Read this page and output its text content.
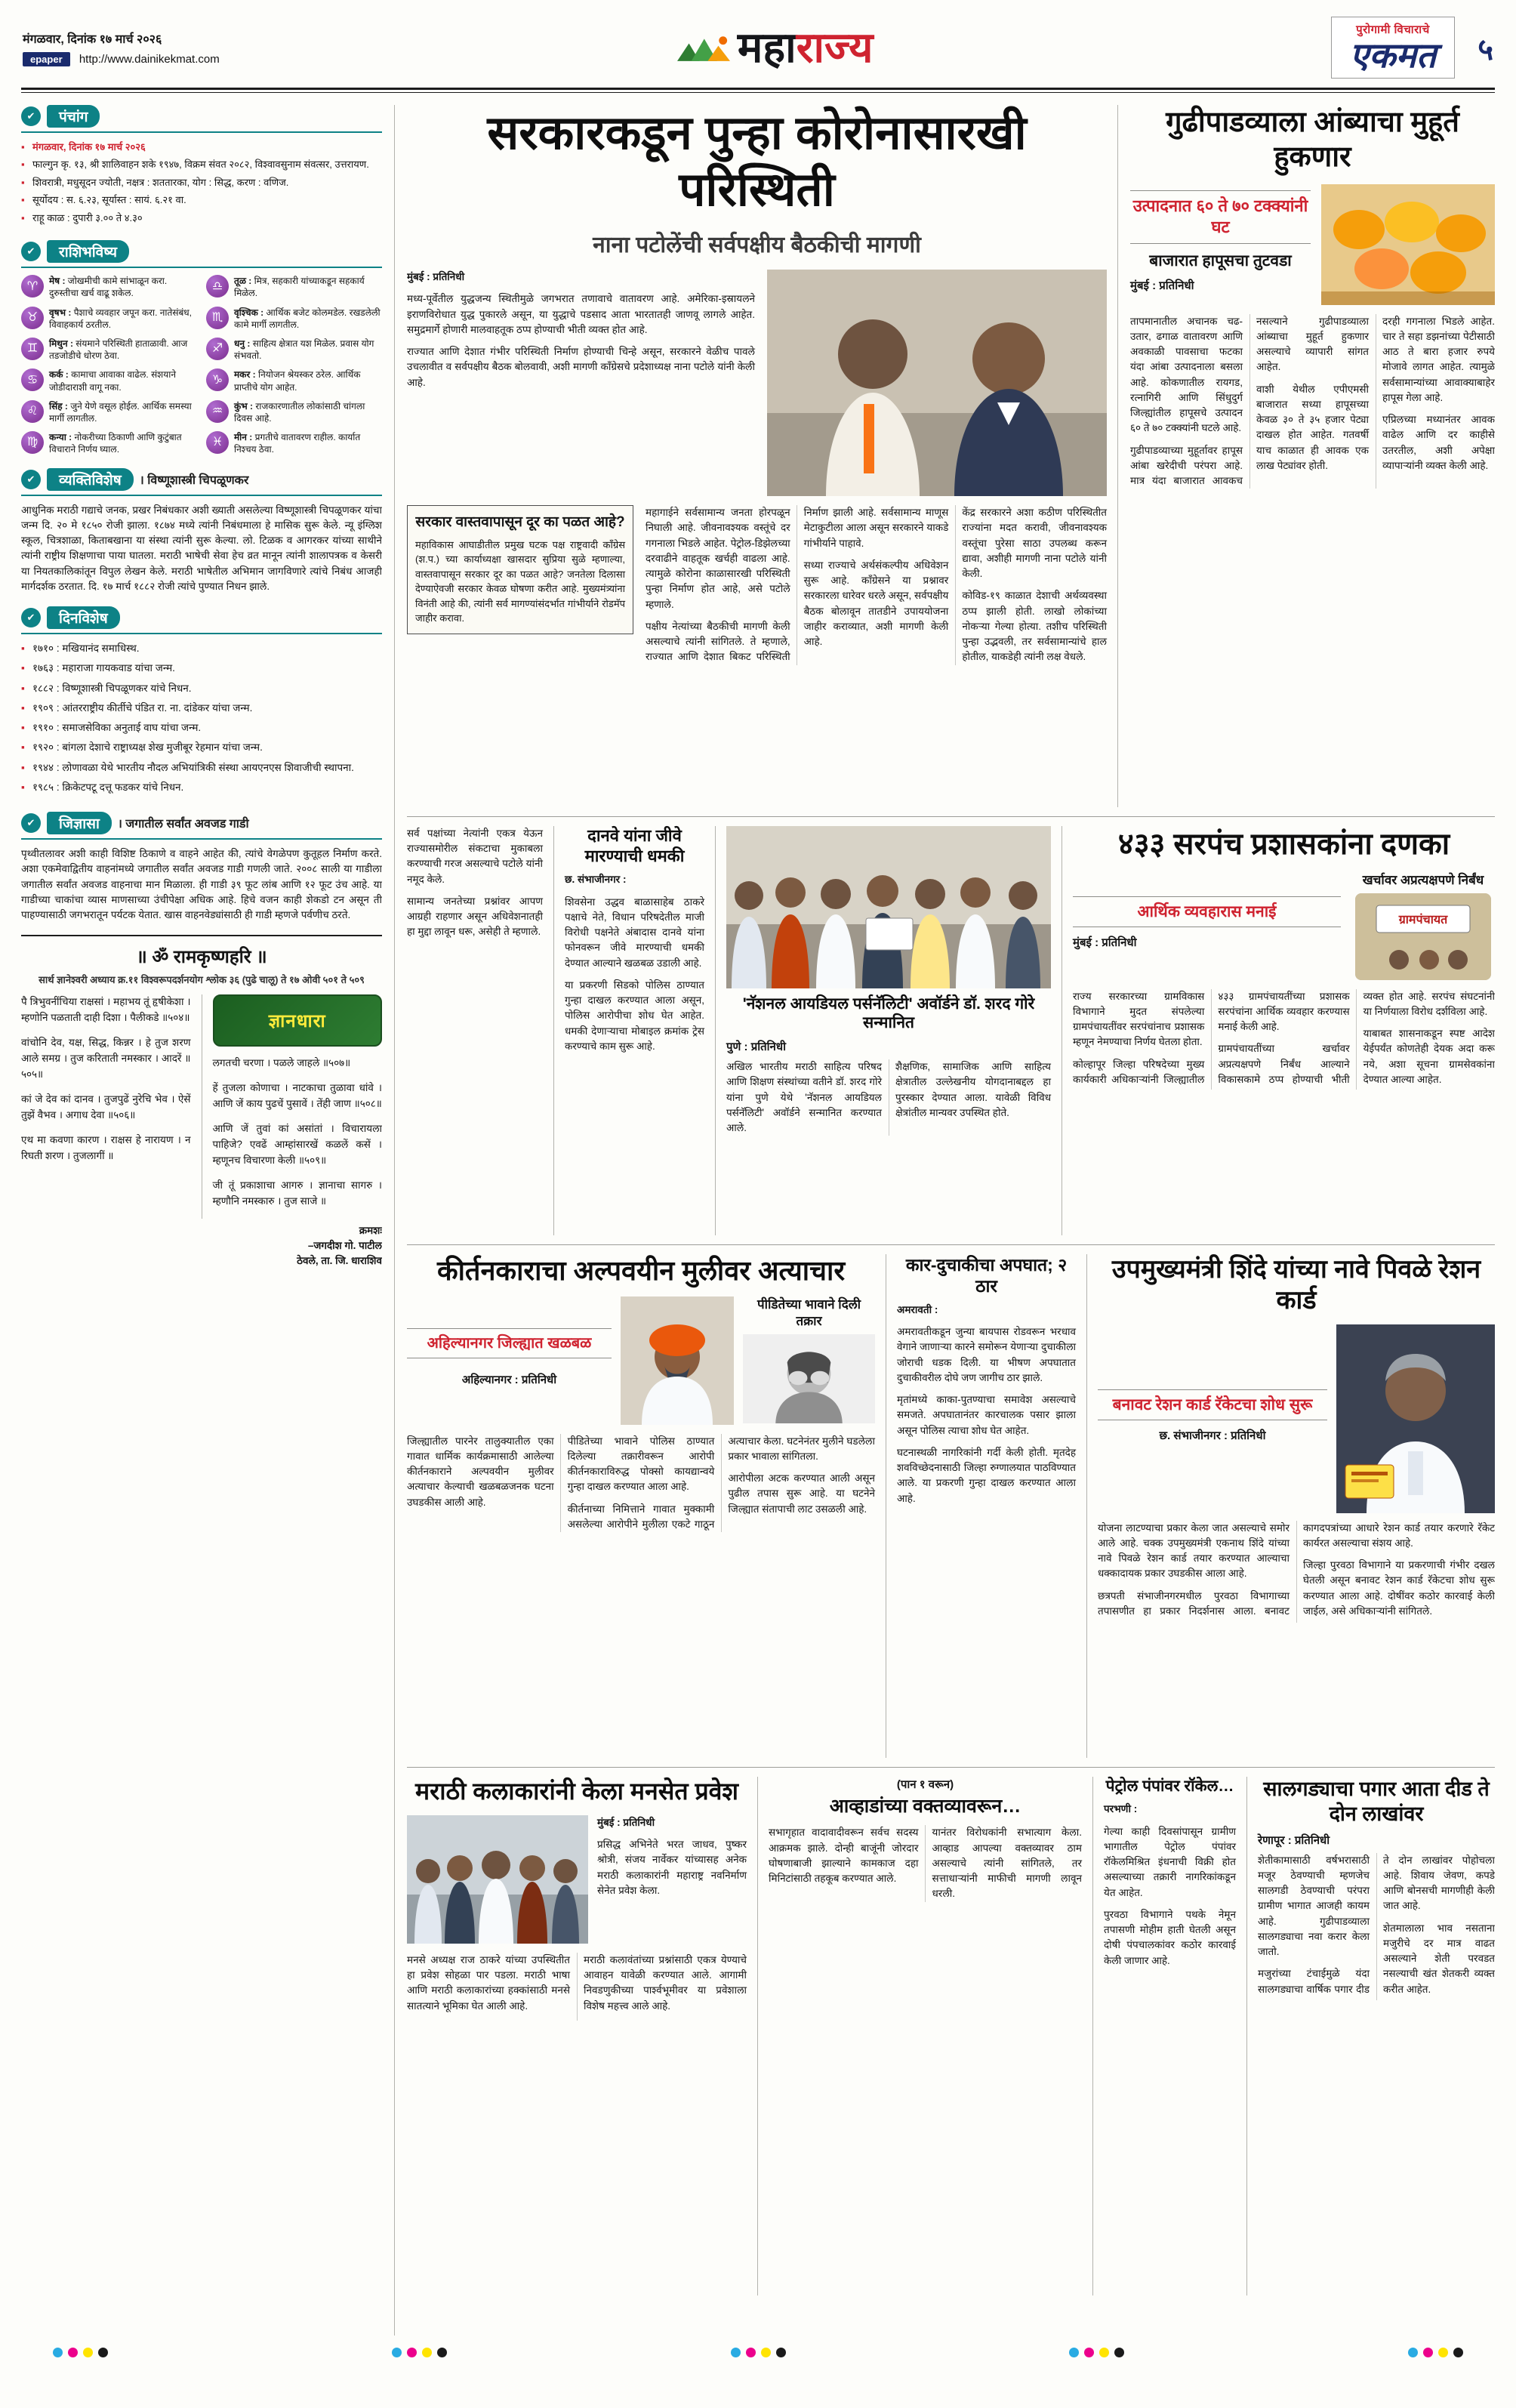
मंगळवार, दिनांक १७ मार्च २०२६
epaper http://www.dainikekmat.com	महाराज्य	पुरोगामी विचाराचे
एकमत ५
✔	पंचांग
▪ मंगळवार, दिनांक १७ मार्च २०२६
▪ फाल्गुन कृ. १३, श्री शालिवाहन शके १९४७, विक्रम संवत २०८२, विश्वावसुनाम संवत्सर, उत्तरायण.
▪ शिवरात्री, मधुसूदन ज्योती, नक्षत्र : शततारका, योग : सिद्ध, करण : वणिज.
▪ सूर्योदय : स. ६.२३, सूर्यास्त : सायं. ६.२१ वा.
▪ राहू काळ : दुपारी ३.०० ते ४.३०
✔	राशिभविष्य
♈	मेष : जोखमीची कामे सांभाळून करा. दुरुस्तीचा खर्च वाढू शकेल.
♎	तूळ : मित्र, सहकारी यांच्याकडून सहकार्य मिळेल.
♉	वृषभ : पैशाचे व्यवहार जपून करा. नातेसंबंध, विवाहकार्य ठरतील.
♏	वृश्चिक : आर्थिक बजेट कोलमडेल. रखडलेली कामे मार्गी लागतील.
♊	मिथुन : संयमाने परिस्थिती हाताळावी. आज तडजोडीचे धोरण ठेवा.
♐	धनु : साहित्य क्षेत्रात यश मिळेल. प्रवास योग संभवतो.
♋	कर्क : कामाचा आवाका वाढेल. संशयाने जोडीदाराशी वागू नका.
♑	मकर : नियोजन श्रेयस्कर ठरेल. आर्थिक प्राप्तीचे योग आहेत.
♌	सिंह : जुने येणे वसूल होईल. आर्थिक समस्या मार्गी लागतील.
♒	कुंभ : राजकारणातील लोकांसाठी चांगला दिवस आहे.
♍	कन्या : नोकरीच्या ठिकाणी आणि कुटुंबात विचाराने निर्णय घ्याल.
♓	मीन : प्रगतीचे वातावरण राहील. कार्यात निश्चय ठेवा.
✔	व्यक्तिविशेष	। विष्णूशास्त्री चिपळूणकर

आधुनिक मराठी गद्याचे जनक, प्रखर निबंधकार अशी ख्याती असलेल्या विष्णूशास्त्री चिपळूणकर यांचा जन्म दि. २० मे १८५० रोजी झाला. १८७४ मध्ये त्यांनी निबंधमाला हे मासिक सुरू केले. न्यू इंग्लिश स्कूल, चित्रशाळा, किताबखाना या संस्था त्यांनी सुरू केल्या. लो. टिळक व आगरकर यांच्या साथीने त्यांनी राष्ट्रीय शिक्षणाचा पाया घातला. मराठी भाषेची सेवा हेच व्रत मानून त्यांनी शालापत्रक व केसरी या नियतकालिकांतून विपुल लेखन केले. मराठी भाषेतील अभिमान जागविणारे त्यांचे निबंध आजही मार्गदर्शक ठरतात. दि. १७ मार्च १८८२ रोजी त्यांचे पुण्यात निधन झाले.

✔	दिनविशेष
▪ १७१० : मखियानंद समाधिस्थ.
▪ १७६३ : महाराजा गायकवाड यांचा जन्म.
▪ १८८२ : विष्णूशास्त्री चिपळूणकर यांचे निधन.
▪ १९०९ : आंतरराष्ट्रीय कीर्तीचे पंडित रा. ना. दांडेकर यांचा जन्म.
▪ १९१० : समाजसेविका अनुताई वाघ यांचा जन्म.
▪ १९२० : बांगला देशाचे राष्ट्राध्यक्ष शेख मुजीबूर रेहमान यांचा जन्म.
▪ १९४४ : लोणावळा येथे भारतीय नौदल अभियांत्रिकी संस्था आयएनएस शिवाजीची स्थापना.
▪ १९८५ : क्रिकेटपटू दत्तू फडकर यांचे निधन.
✔	जिज्ञासा	। जगातील सर्वांत अवजड गाडी

पृथ्वीतलावर अशी काही विशिष्ट ठिकाणे व वाहने आहेत की, त्यांचे वेगळेपण कुतूहल निर्माण करते. अशा एकमेवाद्वितीय वाहनांमध्ये जगातील सर्वांत अवजड गाडी गणली जाते. २००८ साली या गाडीला जगातील सर्वांत अवजड वाहनाचा मान मिळाला. ही गाडी ३९ फूट लांब आणि १२ फूट उंच आहे. या गाडीच्या चाकांचा व्यास माणसाच्या उंचीपेक्षा अधिक आहे. हिचे वजन काही शेकडो टन असून ती पाहण्यासाठी जगभरातून पर्यटक येतात. खास वाहनवेड्यांसाठी ही गाडी म्हणजे पर्वणीच ठरते.

॥ ॐ रामकृष्णहरि ॥
सार्थ ज्ञानेश्वरी अध्याय क्र.११ विश्वरूपदर्शनयोग श्लोक ३६ (पुढे चालू) ते १७ ओवी ५०१ ते ५०९

पै त्रिभुवनींचिया राक्षसां । महाभय तूं हृषीकेशा । म्हणोनि पळताती दाही दिशा । पैलीकडे ॥५०४॥

वांचोनि देव, यक्ष, सिद्ध, किन्नर । हे तुज शरण आले समग्र । तुज करिताती नमस्कार । आदरें ॥५०५॥

कां जे देव कां दानव । तुजपुढें नुरेचि भेव । ऐसें तुझें वैभव । अगाध देवा ॥५०६॥

एथ मा कवणा कारण । राक्षस हे नारायण । न रिघती शरण । तुजलागीं ॥

ज्ञानधारा

लगतची चरणा । पळले जाहले ॥५०७॥

हें तुजला कोणाचा । नाटकाचा तुळावा धांवे । आणि जें काय पुढचें पुसावें । तेंही जाण ॥५०८॥

आणि जें तुवां कां असांतां । विचारायला पाहिजे? एवढें आम्हांसारखें कळलें कसें । म्हणूनच विचारणा केली ॥५०९॥

जी तूं प्रकाशाचा आगरु । ज्ञानाचा सागरु । म्हणौनि नमस्कारु । तुज साजे ॥

क्रमशः
–जगदीश गो. पाटील
ठेवले, ता. जि. धाराशिव
सरकारकडून पुन्हा कोरोनासारखी परिस्थिती
नाना पटोलेंची सर्वपक्षीय बैठकीची मागणी

मुंबई : प्रतिनिधी

मध्य-पूर्वेतील युद्धजन्य स्थितीमुळे जगभरात तणावाचे वातावरण आहे. अमेरिका-इस्रायलने इराणविरोधात युद्ध पुकारले असून, या युद्धाचे पडसाद आता भारतातही जाणवू लागले आहेत. समुद्रमार्गे होणारी मालवाहतूक ठप्प होण्याची भीती व्यक्त होत आहे.

राज्यात आणि देशात गंभीर परिस्थिती निर्माण होण्याची चिन्हे असून, सरकारने वेळीच पावले उचलावीत व सर्वपक्षीय बैठक बोलवावी, अशी मागणी काँग्रेसचे प्रदेशाध्यक्ष नाना पटोले यांनी केली आहे.

सरकार वास्तवापासून दूर का पळत आहे?

महाविकास आघाडीतील प्रमुख घटक पक्ष राष्ट्रवादी काँग्रेस (श.प.) च्या कार्याध्यक्षा खासदार सुप्रिया सुळे म्हणाल्या, वास्तवापासून सरकार दूर का पळत आहे? जनतेला दिलासा देण्याऐवजी सरकार केवळ घोषणा करीत आहे. मुख्यमंत्र्यांना विनंती आहे की, त्यांनी सर्व मागण्यांसंदर्भात गांभीर्याने रोडमॅप जाहीर करावा.

महागाईने सर्वसामान्य जनता होरपळून निघाली आहे. जीवनावश्यक वस्तूंचे दर गगनाला भिडले आहेत. पेट्रोल-डिझेलच्या दरवाढीने वाहतूक खर्चही वाढला आहे. त्यामुळे कोरोना काळासारखी परिस्थिती पुन्हा निर्माण होत आहे, असे पटोले म्हणाले.

पक्षीय नेत्यांच्या बैठकीची मागणी केली असल्याचे त्यांनी सांगितले. ते म्हणाले, राज्यात आणि देशात बिकट परिस्थिती निर्माण झाली आहे. सर्वसामान्य माणूस मेटाकुटीला आला असून सरकारने याकडे गांभीर्याने पाहावे.

सध्या राज्याचे अर्थसंकल्पीय अधिवेशन सुरू आहे. काँग्रेसने या प्रश्नावर सरकारला धारेवर धरले असून, सर्वपक्षीय बैठक बोलावून तातडीने उपाययोजना जाहीर कराव्यात, अशी मागणी केली आहे.

केंद्र सरकारने अशा कठीण परिस्थितीत राज्यांना मदत करावी, जीवनावश्यक वस्तूंचा पुरेसा साठा उपलब्ध करून द्यावा, अशीही मागणी नाना पटोले यांनी केली.

कोविड-१९ काळात देशाची अर्थव्यवस्था ठप्प झाली होती. लाखो लोकांच्या नोकऱ्या गेल्या होत्या. तशीच परिस्थिती पुन्हा उद्भवली, तर सर्वसामान्यांचे हाल होतील, याकडेही त्यांनी लक्ष वेधले.

गुढीपाडव्याला आंब्याचा मुहूर्त हुकणार
उत्पादनात ६० ते ७० टक्क्यांनी घट
बाजारात हापूसचा तुटवडा

मुंबई : प्रतिनिधी

तापमानातील अचानक चढ-उतार, ढगाळ वातावरण आणि अवकाळी पावसाचा फटका यंदा आंबा उत्पादनाला बसला आहे. कोकणातील रायगड, रत्नागिरी आणि सिंधुदुर्ग जिल्ह्यांतील हापूसचे उत्पादन ६० ते ७० टक्क्यांनी घटले आहे.

गुढीपाडव्याच्या मुहूर्तावर हापूस आंबा खरेदीची परंपरा आहे. मात्र यंदा बाजारात आवकच नसल्याने गुढीपाडव्याला आंब्याचा मुहूर्त हुकणार असल्याचे व्यापारी सांगत आहेत.

वाशी येथील एपीएमसी बाजारात सध्या हापूसच्या केवळ ३० ते ३५ हजार पेट्या दाखल होत आहेत. गतवर्षी याच काळात ही आवक एक लाख पेट्यांवर होती.

दरही गगनाला भिडले आहेत. चार ते सहा डझनांच्या पेटीसाठी आठ ते बारा हजार रुपये मोजावे लागत आहेत. त्यामुळे सर्वसामान्यांच्या आवाक्याबाहेर हापूस गेला आहे.

एप्रिलच्या मध्यानंतर आवक वाढेल आणि दर काहीसे उतरतील, अशी अपेक्षा व्यापाऱ्यांनी व्यक्त केली आहे.

सर्व पक्षांच्या नेत्यांनी एकत्र येऊन राज्यासमोरील संकटाचा मुकाबला करण्याची गरज असल्याचे पटोले यांनी नमूद केले.

सामान्य जनतेच्या प्रश्नांवर आपण आग्रही राहणार असून अधिवेशनातही हा मुद्दा लावून धरू, असेही ते म्हणाले.

दानवे यांना जीवे मारण्याची धमकी

छ. संभाजीनगर :

शिवसेना उद्धव बाळासाहेब ठाकरे पक्षाचे नेते, विधान परिषदेतील माजी विरोधी पक्षनेते अंबादास दानवे यांना फोनवरून जीवे मारण्याची धमकी देण्यात आल्याने खळबळ उडाली आहे.

या प्रकरणी सिडको पोलिस ठाण्यात गुन्हा दाखल करण्यात आला असून, पोलिस आरोपीचा शोध घेत आहेत. धमकी देणाऱ्याचा मोबाइल क्रमांक ट्रेस करण्याचे काम सुरू आहे.

'नॅशनल आयडियल पर्सनॅलिटी' अवॉर्डने डॉ. शरद गोरे सन्मानित

पुणे : प्रतिनिधी

अखिल भारतीय मराठी साहित्य परिषद आणि शिक्षण संस्थांच्या वतीने डॉ. शरद गोरे यांना पुणे येथे 'नॅशनल आयडियल पर्सनॅलिटी' अवॉर्डने सन्मानित करण्यात आले.

शैक्षणिक, सामाजिक आणि साहित्य क्षेत्रातील उल्लेखनीय योगदानाबद्दल हा पुरस्कार देण्यात आला. यावेळी विविध क्षेत्रांतील मान्यवर उपस्थित होते.

४३३ सरपंच प्रशासकांना दणका
आर्थिक व्यवहारास मनाई

मुंबई : प्रतिनिधी

खर्चावर अप्रत्यक्षपणे निर्बंध
ग्रामपंचायत

राज्य सरकारच्या ग्रामविकास विभागाने मुदत संपलेल्या ग्रामपंचायतींवर सरपंचांनाच प्रशासक म्हणून नेमण्याचा निर्णय घेतला होता.

कोल्हापूर जिल्हा परिषदेच्या मुख्य कार्यकारी अधिकाऱ्यांनी जिल्ह्यातील ४३३ ग्रामपंचायतींच्या प्रशासक सरपंचांना आर्थिक व्यवहार करण्यास मनाई केली आहे.

ग्रामपंचायतींच्या खर्चावर अप्रत्यक्षपणे निर्बंध आल्याने विकासकामे ठप्प होण्याची भीती व्यक्त होत आहे. सरपंच संघटनांनी या निर्णयाला विरोध दर्शविला आहे.

याबाबत शासनाकडून स्पष्ट आदेश येईपर्यंत कोणतेही देयक अदा करू नये, अशा सूचना ग्रामसेवकांना देण्यात आल्या आहेत.

कीर्तनकाराचा अल्पवयीन मुलीवर अत्याचार
अहिल्यानगर जिल्ह्यात खळबळ

अहिल्यानगर : प्रतिनिधी

पीडितेच्या भावाने दिली तक्रार

जिल्ह्यातील पारनेर तालुक्यातील एका गावात धार्मिक कार्यक्रमासाठी आलेल्या कीर्तनकाराने अल्पवयीन मुलीवर अत्याचार केल्याची खळबळजनक घटना उघडकीस आली आहे.

पीडितेच्या भावाने पोलिस ठाण्यात दिलेल्या तक्रारीवरून आरोपी कीर्तनकाराविरुद्ध पोक्सो कायद्यान्वये गुन्हा दाखल करण्यात आला आहे.

कीर्तनाच्या निमित्ताने गावात मुक्कामी असलेल्या आरोपीने मुलीला एकटे गाठून अत्याचार केला. घटनेनंतर मुलीने घडलेला प्रकार भावाला सांगितला.

आरोपीला अटक करण्यात आली असून पुढील तपास सुरू आहे. या घटनेने जिल्ह्यात संतापाची लाट उसळली आहे.

कार-दुचाकीचा अपघात; २ ठार

अमरावती :

अमरावतीकडून जुन्या बायपास रोडवरून भरधाव वेगाने जाणाऱ्या कारने समोरून येणाऱ्या दुचाकीला जोराची धडक दिली. या भीषण अपघातात दुचाकीवरील दोघे जण जागीच ठार झाले.

मृतांमध्ये काका-पुतण्याचा समावेश असल्याचे समजते. अपघातानंतर कारचालक पसार झाला असून पोलिस त्याचा शोध घेत आहेत.

घटनास्थळी नागरिकांनी गर्दी केली होती. मृतदेह शवविच्छेदनासाठी जिल्हा रुग्णालयात पाठविण्यात आले. या प्रकरणी गुन्हा दाखल करण्यात आला आहे.

उपमुख्यमंत्री शिंदे यांच्या नावे पिवळे रेशन कार्ड
बनावट रेशन कार्ड रॅकेटचा शोध सुरू

छ. संभाजीनगर : प्रतिनिधी

योजना लाटण्याचा प्रकार केला जात असल्याचे समोर आले आहे. चक्क उपमुख्यमंत्री एकनाथ शिंदे यांच्या नावे पिवळे रेशन कार्ड तयार करण्यात आल्याचा धक्कादायक प्रकार उघडकीस आला आहे.

छत्रपती संभाजीनगरमधील पुरवठा विभागाच्या तपासणीत हा प्रकार निदर्शनास आला. बनावट कागदपत्रांच्या आधारे रेशन कार्ड तयार करणारे रॅकेट कार्यरत असल्याचा संशय आहे.

जिल्हा पुरवठा विभागाने या प्रकरणाची गंभीर दखल घेतली असून बनावट रेशन कार्ड रॅकेटचा शोध सुरू करण्यात आला आहे. दोषींवर कठोर कारवाई केली जाईल, असे अधिकाऱ्यांनी सांगितले.

मराठी कलाकारांनी केला मनसेत प्रवेश

मुंबई : प्रतिनिधी

प्रसिद्ध अभिनेते भरत जाधव, पुष्कर श्रोत्री, संजय नार्वेकर यांच्यासह अनेक मराठी कलाकारांनी महाराष्ट्र नवनिर्माण सेनेत प्रवेश केला.

मनसे अध्यक्ष राज ठाकरे यांच्या उपस्थितीत हा प्रवेश सोहळा पार पडला. मराठी भाषा आणि मराठी कलाकारांच्या हक्कांसाठी मनसे सातत्याने भूमिका घेत आली आहे.

मराठी कलावंतांच्या प्रश्नांसाठी एकत्र येण्याचे आवाहन यावेळी करण्यात आले. आगामी निवडणुकीच्या पार्श्वभूमीवर या प्रवेशाला विशेष महत्त्व आले आहे.

(पान १ वरून)
आव्हाडांच्या वक्तव्यावरून…

सभागृहात वादावादीवरून सर्वच सदस्य आक्रमक झाले. दोन्ही बाजूंनी जोरदार घोषणाबाजी झाल्याने कामकाज दहा मिनिटांसाठी तहकूब करण्यात आले.

यानंतर विरोधकांनी सभात्याग केला. आव्हाड आपल्या वक्तव्यावर ठाम असल्याचे त्यांनी सांगितले, तर सत्ताधाऱ्यांनी माफीची मागणी लावून धरली.

पेट्रोल पंपांवर रॉकेल…

परभणी :

गेल्या काही दिवसांपासून ग्रामीण भागातील पेट्रोल पंपांवर रॉकेलमिश्रित इंधनाची विक्री होत असल्याच्या तक्रारी नागरिकांकडून येत आहेत.

पुरवठा विभागाने पथके नेमून तपासणी मोहीम हाती घेतली असून दोषी पंपचालकांवर कठोर कारवाई केली जाणार आहे.

सालगड्याचा पगार आता दीड ते दोन लाखांवर

रेणापूर : प्रतिनिधी

शेतीकामासाठी वर्षभरासाठी मजूर ठेवण्याची म्हणजेच सालगडी ठेवण्याची परंपरा ग्रामीण भागात आजही कायम आहे. गुढीपाडव्याला सालगड्याचा नवा करार केला जातो.

मजुरांच्या टंचाईमुळे यंदा सालगड्याचा वार्षिक पगार दीड ते दोन लाखांवर पोहोचला आहे. शिवाय जेवण, कपडे आणि बोनसची मागणीही केली जात आहे.

शेतमालाला भाव नसताना मजुरीचे दर मात्र वाढत असल्याने शेती परवडत नसल्याची खंत शेतकरी व्यक्त करीत आहेत.
